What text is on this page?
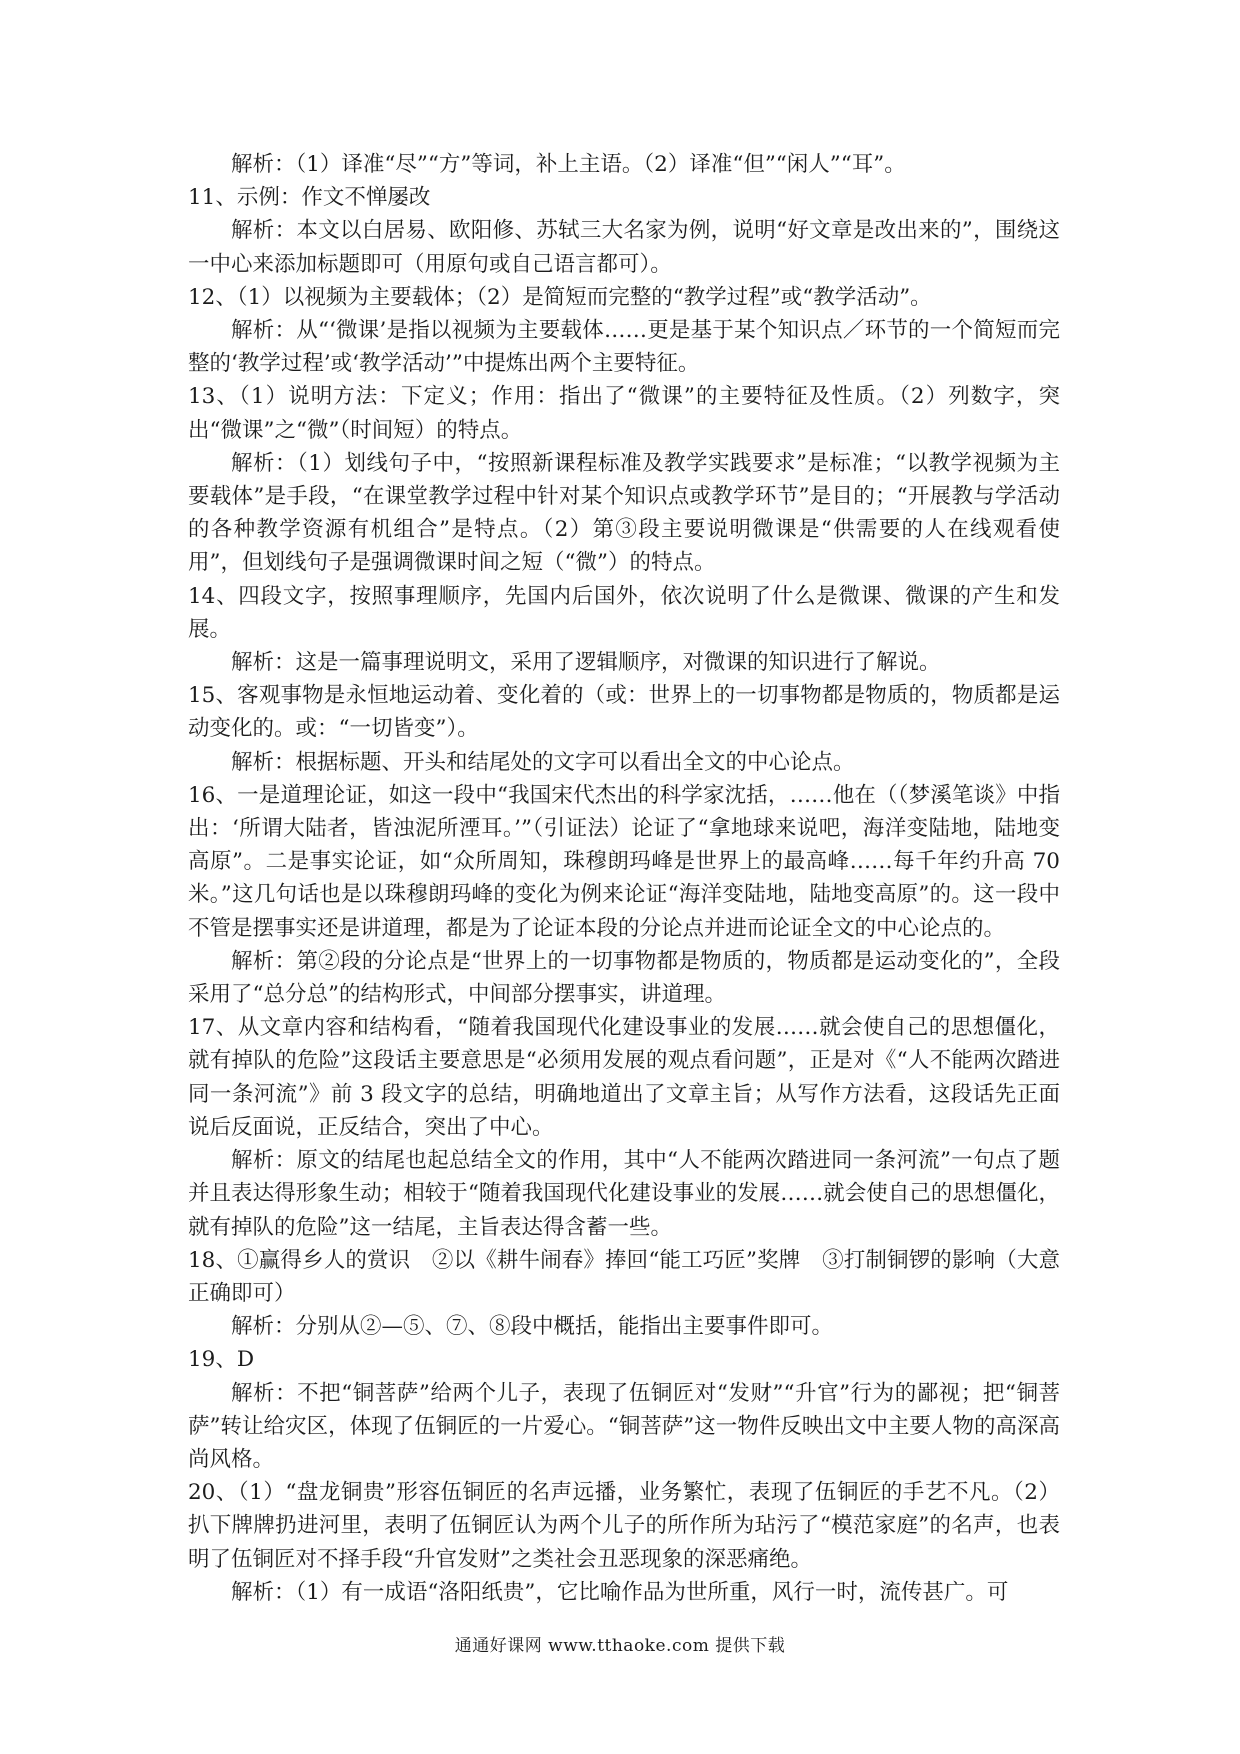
解析：（1）译准“尽”“方”等词，补上主语。（2）译准“但”“闲人”“耳”。

11、示例：作文不惮屡改

解析：本文以白居易、欧阳修、苏轼三大名家为例，说明“好文章是改出来的”，围绕这一中心来添加标题即可（用原句或自己语言都可）。

12、（1）以视频为主要载体；（2）是简短而完整的“教学过程”或“教学活动”。

解析：从“‘微课’是指以视频为主要载体……更是基于某个知识点／环节的一个简短而完整的‘教学过程’或‘教学活动’”中提炼出两个主要特征。

13、（1）说明方法：下定义；作用：指出了“微课”的主要特征及性质。（2）列数字，突出“微课”之“微”（时间短）的特点。

解析：（1）划线句子中，“按照新课程标准及教学实践要求”是标准；“以教学视频为主要载体”是手段，“在课堂教学过程中针对某个知识点或教学环节”是目的；“开展教与学活动的各种教学资源有机组合”是特点。（2）第③段主要说明微课是“供需要的人在线观看使用”，但划线句子是强调微课时间之短（“微”）的特点。

14、四段文字，按照事理顺序，先国内后国外，依次说明了什么是微课、微课的产生和发展。

解析：这是一篇事理说明文，采用了逻辑顺序，对微课的知识进行了解说。

15、客观事物是永恒地运动着、变化着的（或：世界上的一切事物都是物质的，物质都是运动变化的。或：“一切皆变”）。

解析：根据标题、开头和结尾处的文字可以看出全文的中心论点。

16、一是道理论证，如这一段中“我国宋代杰出的科学家沈括，……他在（（梦溪笔谈》中指出：‘所谓大陆者，皆浊泥所湮耳。’”（引证法）论证了“拿地球来说吧，海洋变陆地，陆地变高原”。二是事实论证，如“众所周知，珠穆朗玛峰是世界上的最高峰……每千年约升高 70 米。”这几句话也是以珠穆朗玛峰的变化为例来论证“海洋变陆地，陆地变高原”的。这一段中不管是摆事实还是讲道理，都是为了论证本段的分论点并进而论证全文的中心论点的。

解析：第②段的分论点是“世界上的一切事物都是物质的，物质都是运动变化的”，全段采用了“总分总”的结构形式，中间部分摆事实，讲道理。

17、从文章内容和结构看，“随着我国现代化建设事业的发展……就会使自己的思想僵化，就有掉队的危险”这段话主要意思是“必须用发展的观点看问题”，正是对《“人不能两次踏进同一条河流”》前 3 段文字的总结，明确地道出了文章主旨；从写作方法看，这段话先正面说后反面说，正反结合，突出了中心。

解析：原文的结尾也起总结全文的作用，其中“人不能两次踏进同一条河流”一句点了题并且表达得形象生动；相较于“随着我国现代化建设事业的发展……就会使自己的思想僵化，就有掉队的危险”这一结尾，主旨表达得含蓄一些。

18、①赢得乡人的赏识　②以《耕牛闹春》捧回“能工巧匠”奖牌　③打制铜锣的影响（大意正确即可）

解析：分别从②—⑤、⑦、⑧段中概括，能指出主要事件即可。

19、D

解析：不把“铜菩萨”给两个儿子，表现了伍铜匠对“发财”“升官”行为的鄙视；把“铜菩萨”转让给灾区，体现了伍铜匠的一片爱心。“铜菩萨”这一物件反映出文中主要人物的高深高尚风格。

20、（1）“盘龙铜贵”形容伍铜匠的名声远播，业务繁忙，表现了伍铜匠的手艺不凡。（2）扒下牌牌扔进河里，表明了伍铜匠认为两个儿子的所作所为玷污了“模范家庭”的名声，也表明了伍铜匠对不择手段“升官发财”之类社会丑恶现象的深恶痛绝。

解析：（1）有一成语“洛阳纸贵”，它比喻作品为世所重，风行一时，流传甚广。可

通通好课网 www.tthaoke.com 提供下载
